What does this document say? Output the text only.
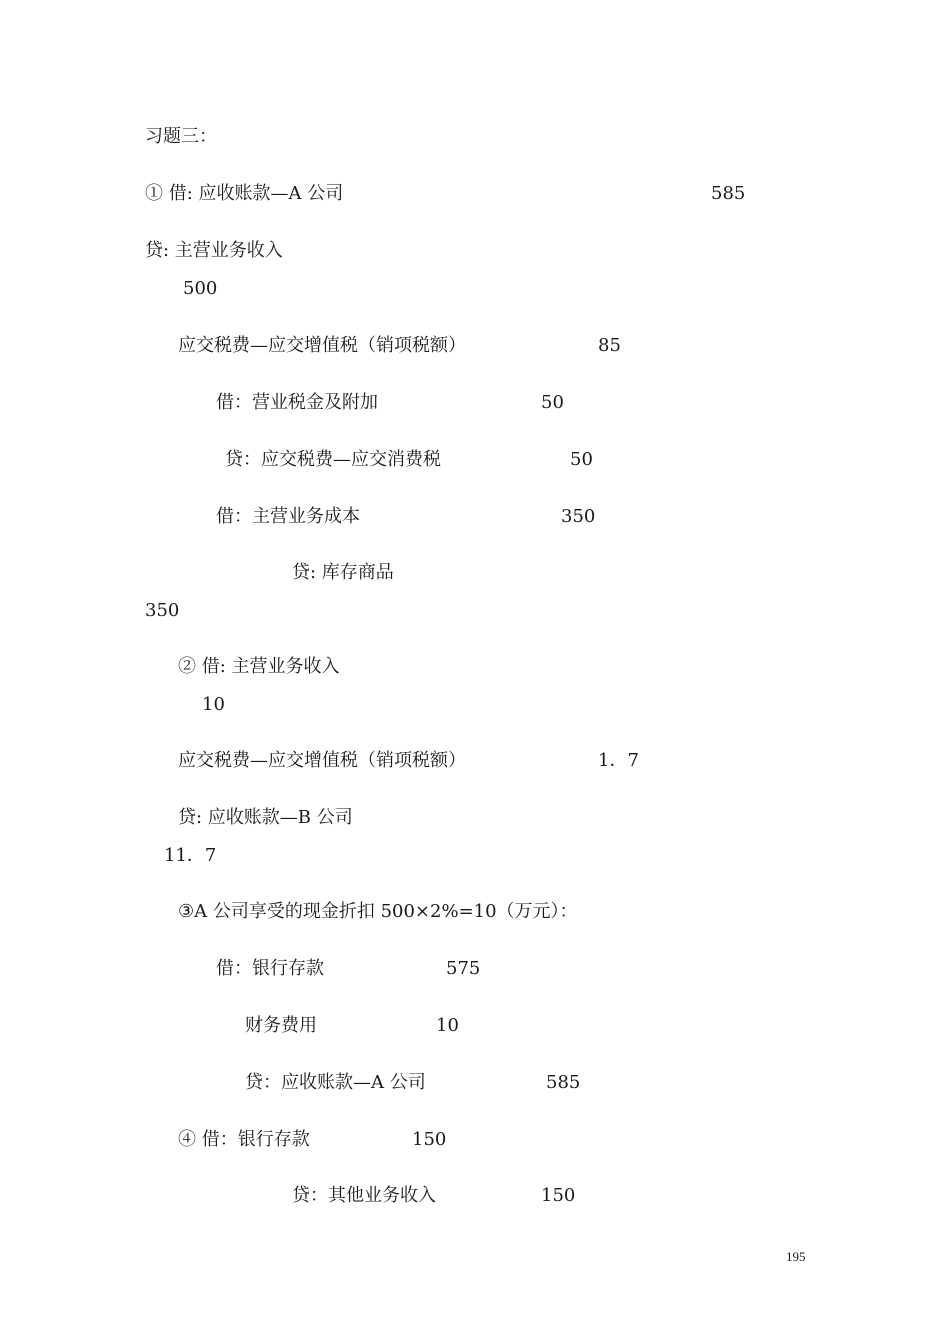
习题三：
① 借: 应收账款—A 公司	585
贷: 主营业务收入
500
应交税费—应交增值税（销项税额）	85
借：营业税金及附加	50
贷：应交税费—应交消费税	50
借：主营业务成本	350
贷: 库存商品
350
② 借: 主营业务收入
10
应交税费—应交增值税（销项税额）	1．7
贷: 应收账款—B 公司
11．7
③A 公司享受的现金折扣 500×2%=10（万元）：
借：银行存款	575
财务费用	10
贷：应收账款—A 公司	585
④ 借：银行存款	150
贷：其他业务收入	150
195
